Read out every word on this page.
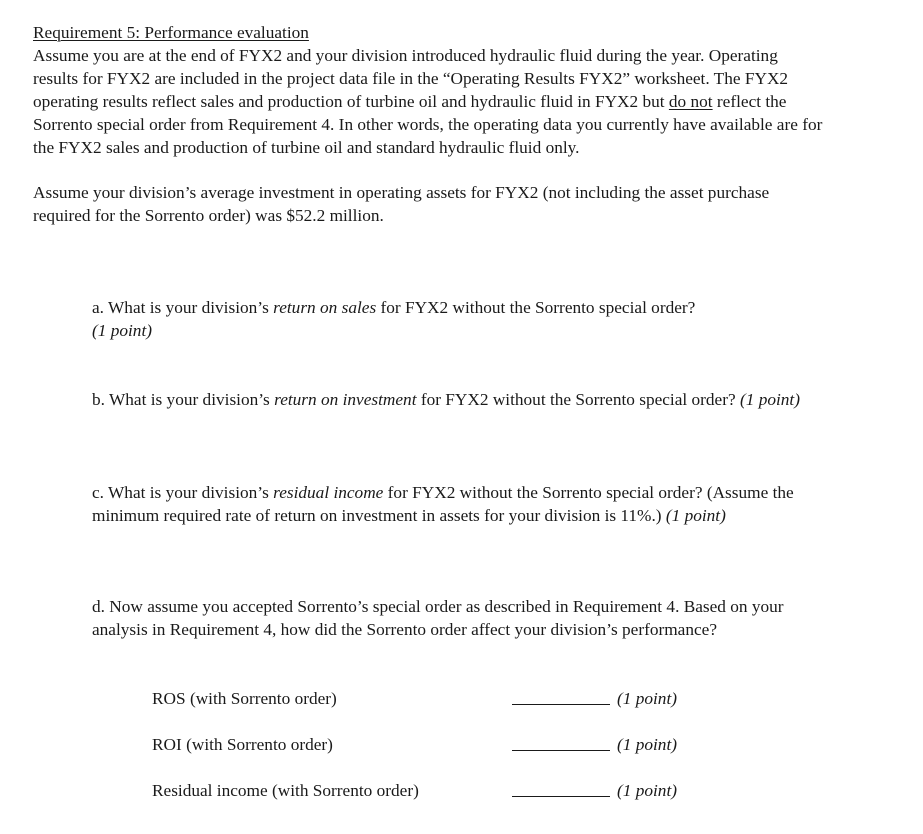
Requirement 5: Performance evaluation

Assume you are at the end of FYX2 and your division introduced hydraulic fluid during the year. Operating results for FYX2 are included in the project data file in the “Operating Results FYX2” worksheet. The FYX2 operating results reflect sales and production of turbine oil and hydraulic fluid in FYX2 but do not reflect the Sorrento special order from Requirement 4. In other words, the operating data you currently have available are for the FYX2 sales and production of turbine oil and standard hydraulic fluid only.

Assume your division’s average investment in operating assets for FYX2 (not including the asset purchase required for the Sorrento order) was $52.2 million.

a. What is your division’s return on sales for FYX2 without the Sorrento special order?
(1 point)

b. What is your division’s return on investment for FYX2 without the Sorrento special order? (1 point)

c. What is your division’s residual income for FYX2 without the Sorrento special order? (Assume the minimum required rate of return on investment in assets for your division is 11%.) (1 point)

d. Now assume you accepted Sorrento’s special order as described in Requirement 4. Based on your analysis in Requirement 4, how did the Sorrento order affect your division’s performance?

ROS (with Sorrento order)	(1 point)
ROI (with Sorrento order)	(1 point)
Residual income (with Sorrento order)	(1 point)
